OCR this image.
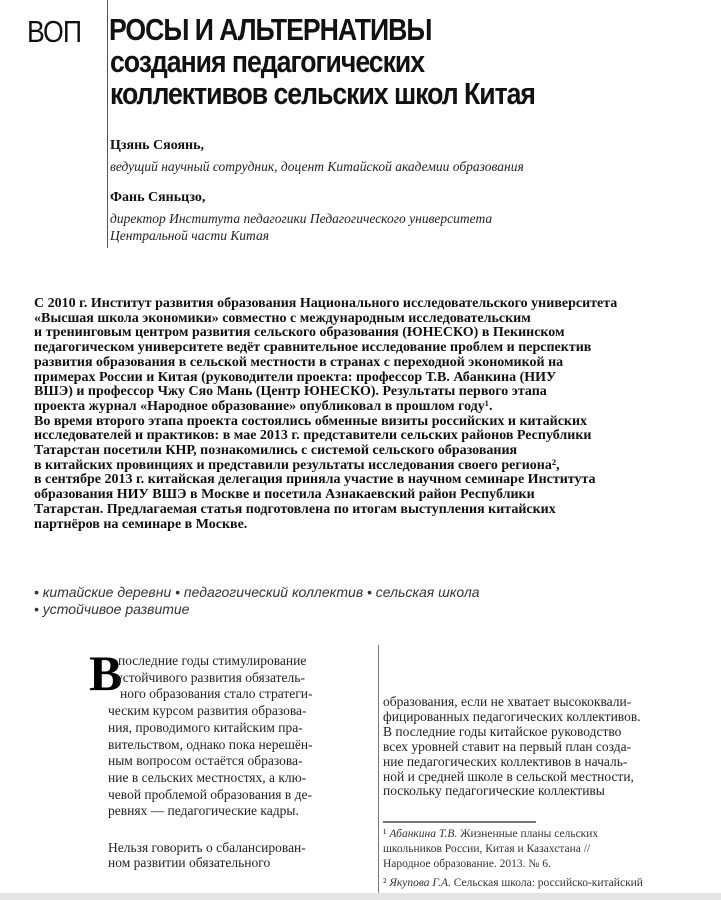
ВОП РОСЫ И АЛЬТЕРНАТИВЫ
создания педагогических
коллективов сельских школ Китая
Цзянь Сяоянь,
ведущий научный сотрудник, доцент Китайской академии образования
Фань Сяньцзо,
директор Института педагогики Педагогического университета
Центральной части Китая
С 2010 г. Институт развития образования Национального исследовательского университета
«Высшая школа экономики» совместно с международным исследовательским
и тренинговым центром развития сельского образования (ЮНЕСКО) в Пекинском
педагогическом университете ведёт сравнительное исследование проблем и перспектив
развития образования в сельской местности в странах с переходной экономикой на
примерах России и Китая (руководители проекта: профессор Т.В. Абанкина (НИУ
ВШЭ) и профессор Чжу Сяо Мань (Центр ЮНЕСКО). Результаты первого этапа
проекта журнал «Народное образование» опубликовал в прошлом году¹.
Во время второго этапа проекта состоялись обменные визиты российских и китайских
исследователей и практиков: в мае 2013 г. представители сельских районов Республики
Татарстан посетили КНР, познакомились с системой сельского образования
в китайских провинциях и представили результаты исследования своего региона²,
в сентябре 2013 г. китайская делегация приняла участие в научном семинаре Института
образования НИУ ВШЭ в Москве и посетила Азнакаевский район Республики
Татарстан. Предлагаемая статья подготовлена по итогам выступления китайских
партнёров на семинаре в Москве.
• китайские деревни • педагогический коллектив • сельская школа
• устойчивое развитие
В
последние годы стимулирование
устойчивого развития обязатель-
ного образования стало стратеги-
ческим курсом развития образова-
ния, проводимого китайским пра-
вительством, однако пока нерешён-
ным вопросом остаётся образова-
ние в сельских местностях, а клю-
чевой проблемой образования в де-
ревнях — педагогические кадры.
Нельзя говорить о сбалансирован-
ном развитии обязательного
образования, если не хватает высококвали-
фицированных педагогических коллективов.
В последние годы китайское руководство
всех уровней ставит на первый план созда-
ние педагогических коллективов в началь-
ной и средней школе в сельской местности,
поскольку педагогические коллективы
¹ Абанкина Т.В. Жизненные планы сельских
школьников России, Китая и Казахстана //
Народное образование. 2013. № 6.
² Якупова Г.А. Сельская школа: российско-китайский
